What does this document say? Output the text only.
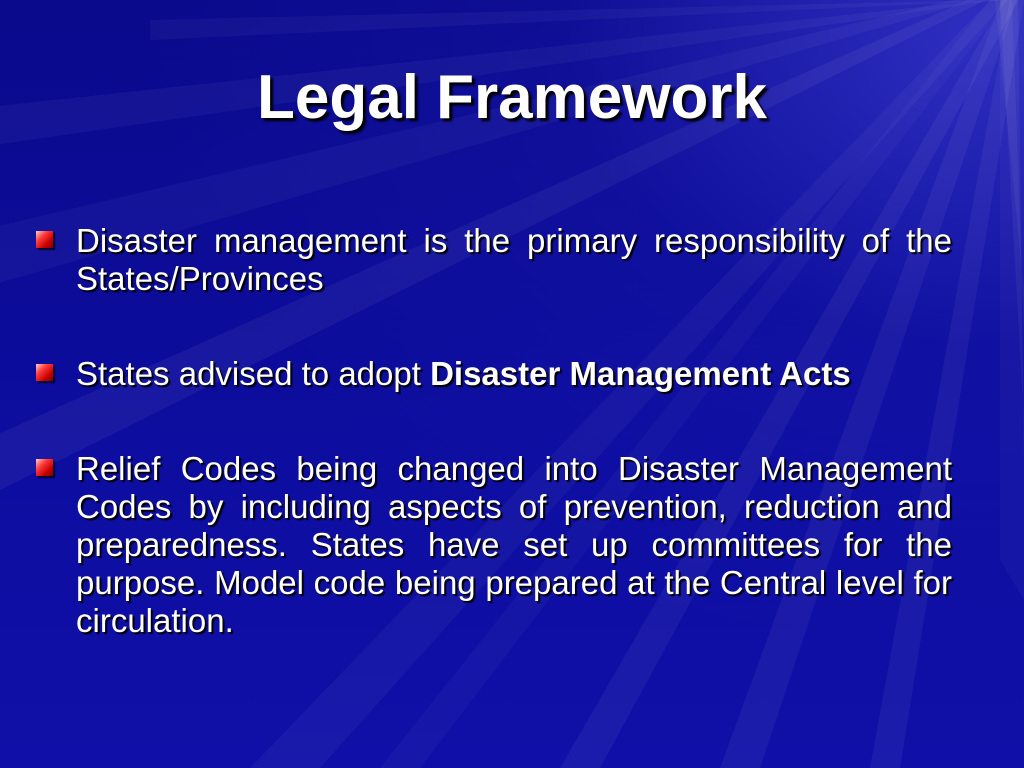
Legal Framework
Disaster management is the primary responsibility of the States/Provinces
States advised to adopt Disaster Management Acts
Relief Codes being changed into Disaster Management Codes by including aspects of prevention, reduction and preparedness. States have set up committees for the purpose. Model code being prepared at the Central level for circulation.
